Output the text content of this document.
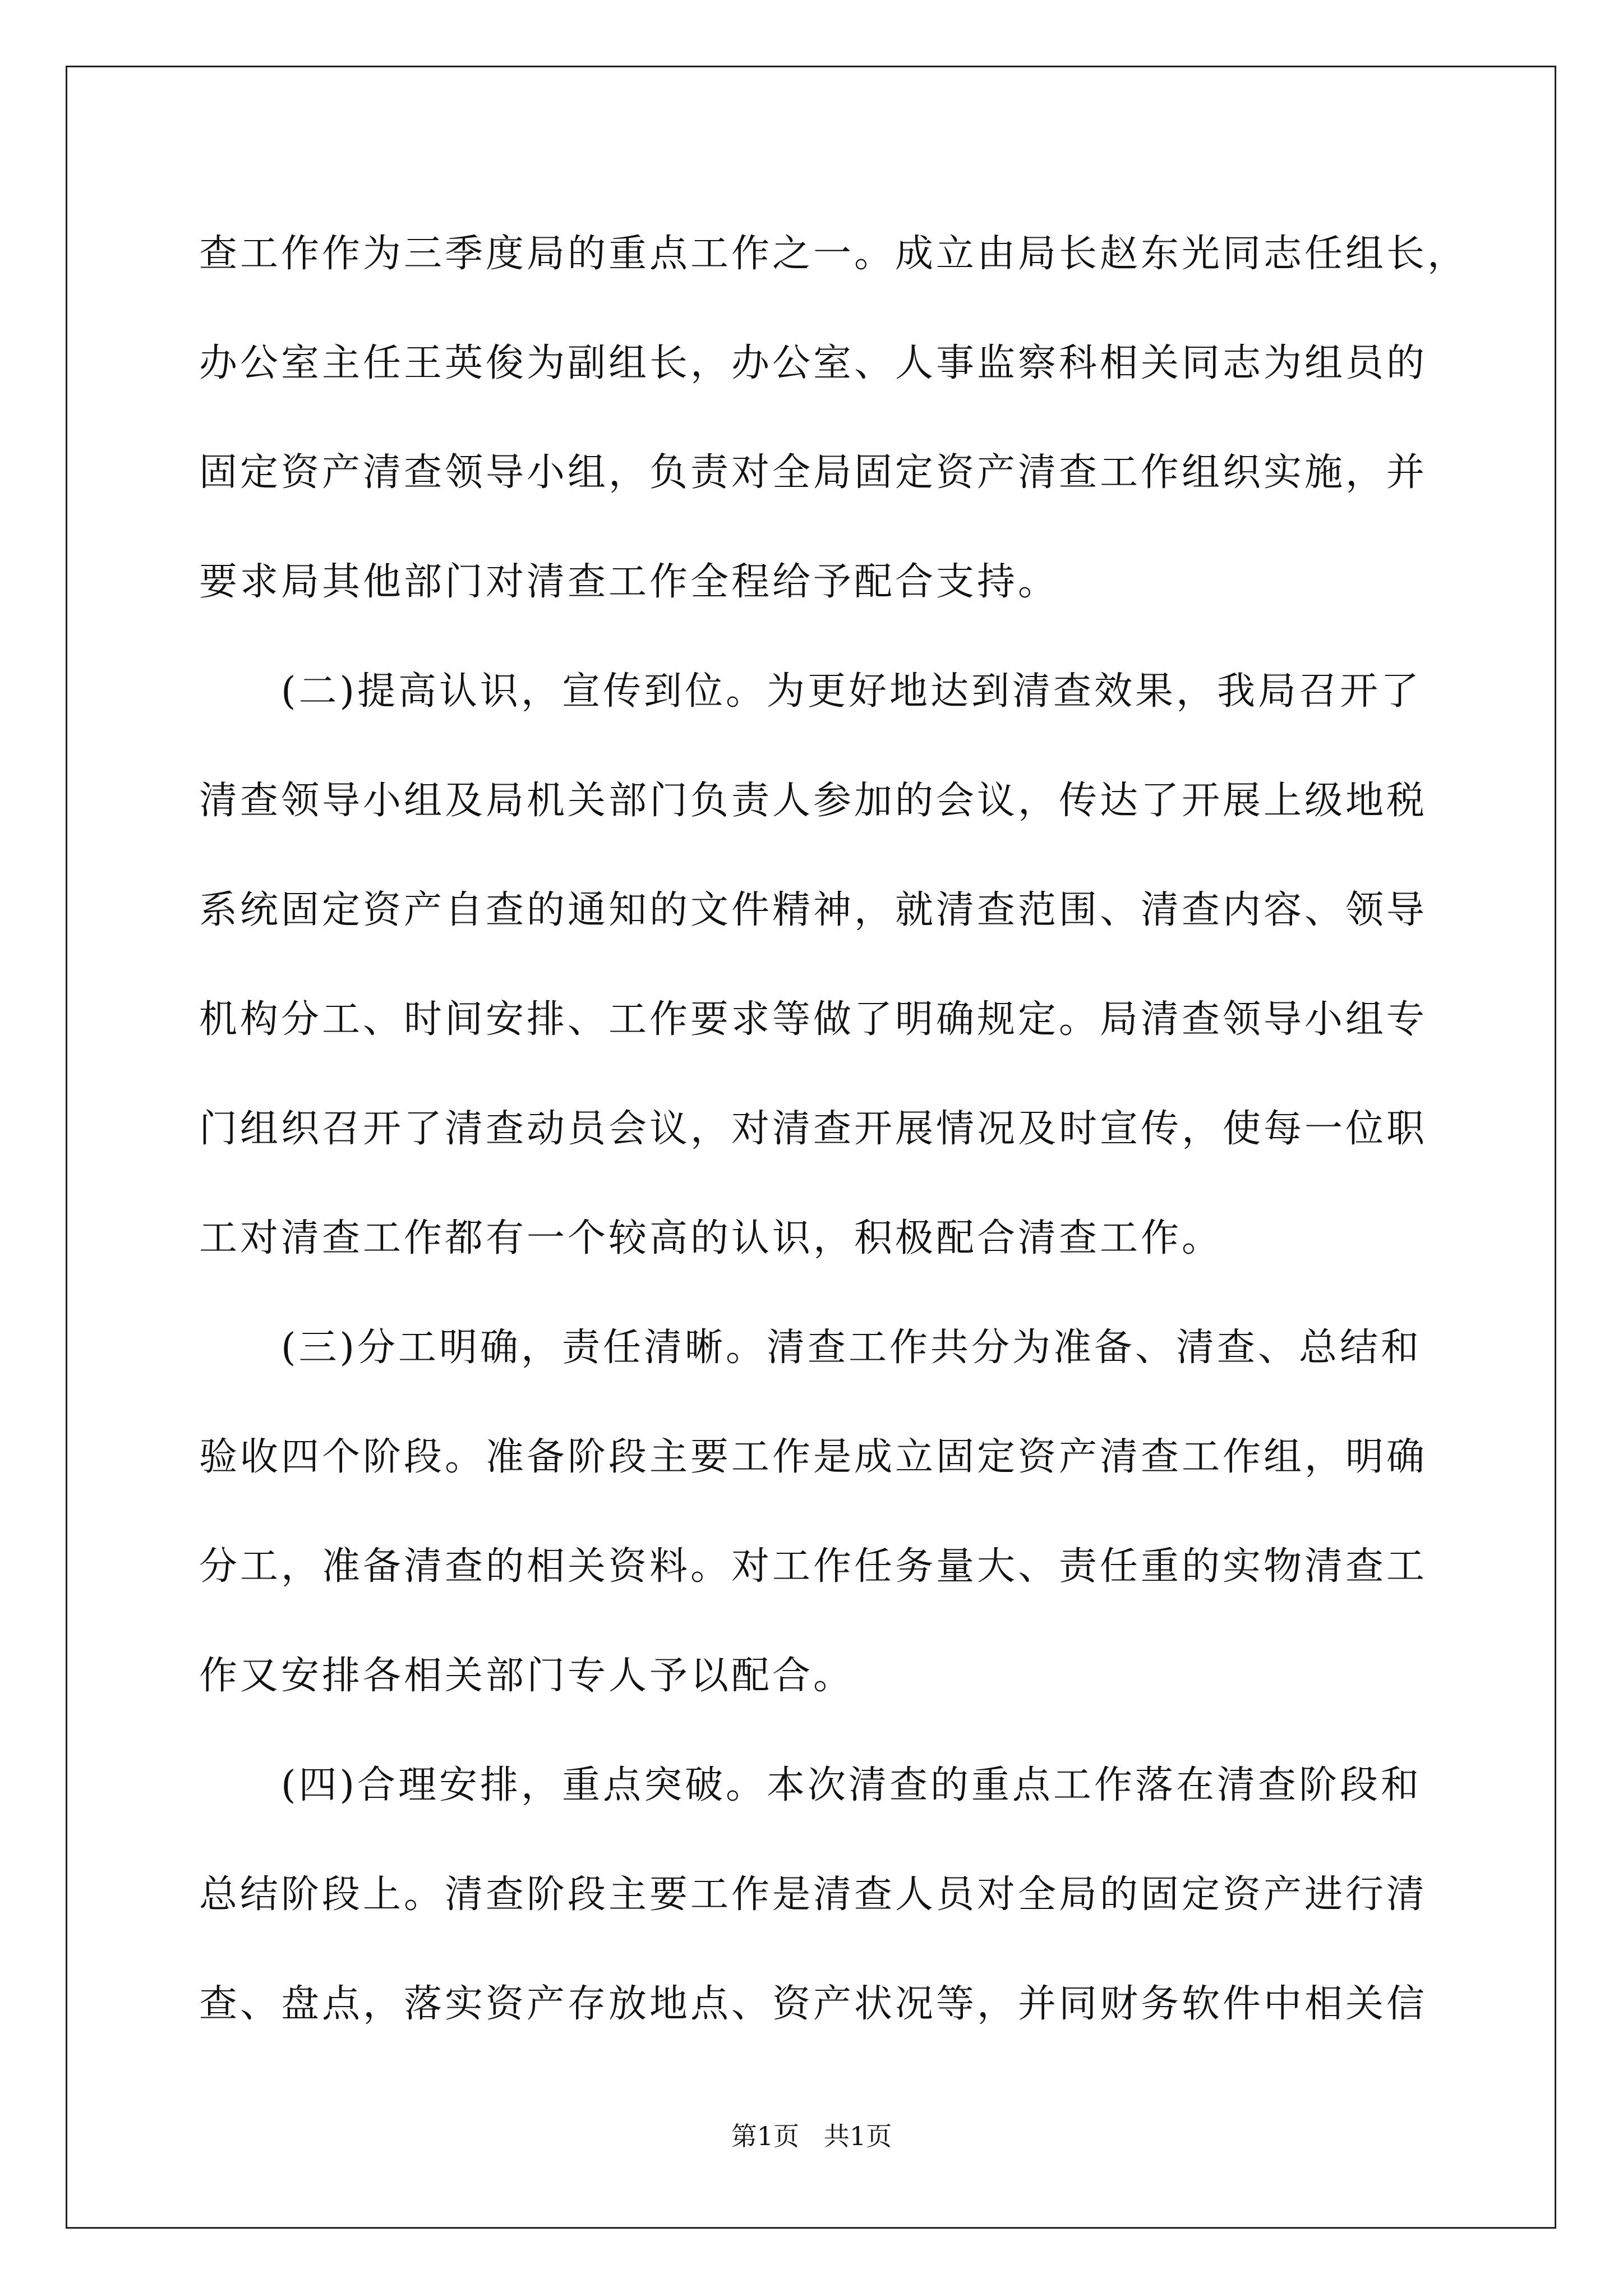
查工作作为三季度局的重点工作之一。成立由局长赵东光同志任组长，
办公室主任王英俊为副组长，办公室、人事监察科相关同志为组员的
固定资产清查领导小组，负责对全局固定资产清查工作组织实施，并
要求局其他部门对清查工作全程给予配合支持。
　　(二)提高认识，宣传到位。为更好地达到清查效果，我局召开了
清查领导小组及局机关部门负责人参加的会议，传达了开展上级地税
系统固定资产自查的通知的文件精神，就清查范围、清查内容、领导
机构分工、时间安排、工作要求等做了明确规定。局清查领导小组专
门组织召开了清查动员会议，对清查开展情况及时宣传，使每一位职
工对清查工作都有一个较高的认识，积极配合清查工作。
　　(三)分工明确，责任清晰。清查工作共分为准备、清查、总结和
验收四个阶段。准备阶段主要工作是成立固定资产清查工作组，明确
分工，准备清查的相关资料。对工作任务量大、责任重的实物清查工
作又安排各相关部门专人予以配合。
　　(四)合理安排，重点突破。本次清查的重点工作落在清查阶段和
总结阶段上。清查阶段主要工作是清查人员对全局的固定资产进行清
查、盘点，落实资产存放地点、资产状况等，并同财务软件中相关信
第1页   共1页
